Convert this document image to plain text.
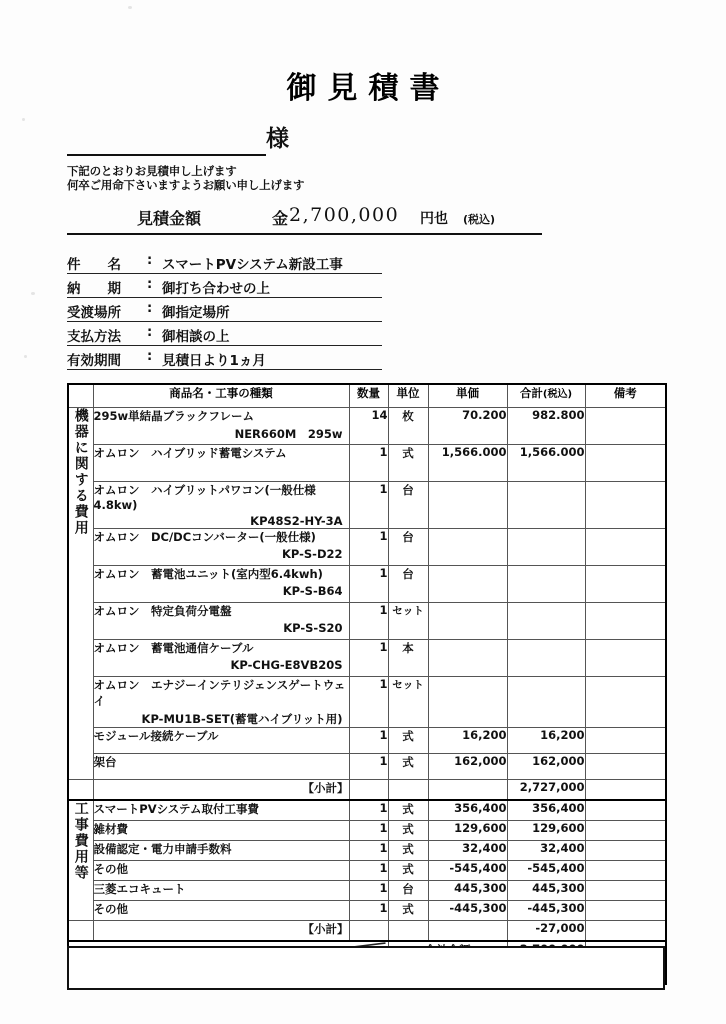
御見積書
様
下記のとおりお見積申し上げます
何卒ご用命下さいますようお願い申し上げます
見積金額	金 2,700,000 円也 (税込)
件　　名	: スマートPVシステム新設工事
納　　期	: 御打ち合わせの上
受渡場所	: 御指定場所
支払方法	: 御相談の上
有効期間	: 見積日より1ヵ月
	商品名・工事の種類	数量	単位	単価	合計(税込)	備考
機器に関する費用	295w単結晶ブラックフレーム
NER660M　295w	14	枚	70.200	982.800	

	オムロン　ハイブリッド蓄電システム	1	式	1,566.000	1,566.000	

	オムロン　ハイブリットパワコン(一般仕様4.8kw)
KP48S2-HY-3A	1	台			

	オムロン　DC/DCコンバーター(一般仕様)
KP-S-D22	1	台			

	オムロン　蓄電池ユニット(室内型6.4kwh)
KP-S-B64	1	台			

	オムロン　特定負荷分電盤
KP-S-S20	1	セット			

	オムロン　蓄電池通信ケーブル
KP-CHG-E8VB20S	1	本			

	オムロン　エナジーインテリジェンスゲートウェイ
KP-MU1B-SET(蓄電ハイブリット用)	1	セット			

	モジュール接続ケーブル	1	式	16,200	16,200	

	架台	1	式	162,000	162,000	
	【小計】				2,727,000	
工事費用等	スマートPVシステム取付工事費	1	式	356,400	356,400	

	雑材費	1	式	129,600	129,600	

	設備認定・電力申請手数料	1	式	32,400	32,400	

	その他	1	式	-545,400	-545,400	

	三菱エコキュート	1	台	445,300	445,300	

	その他	1	式	-445,300	-445,300	
	【小計】				-27,000	
